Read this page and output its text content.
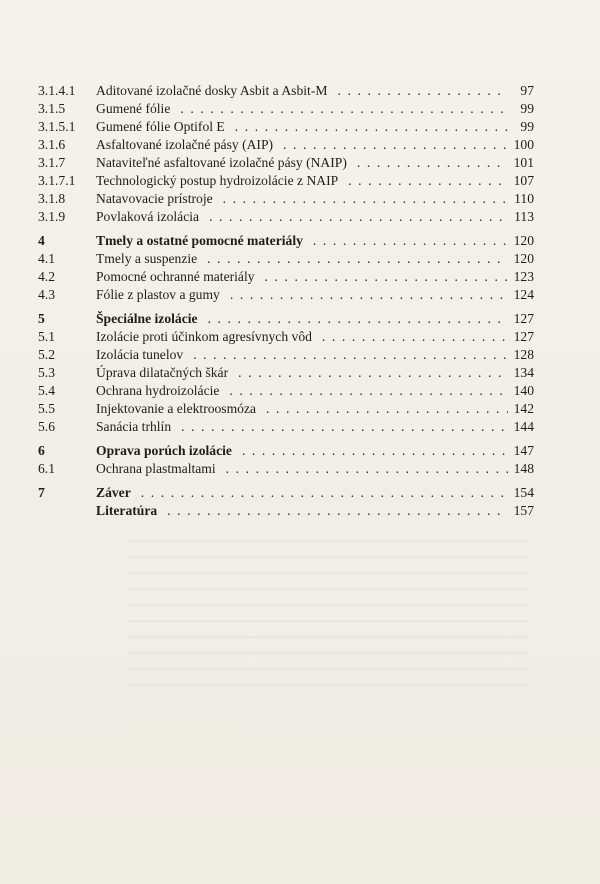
3.1.4.1 Aditované izolačné dosky Asbit a Asbit-M . .	97
3.1.5 Gumené fólie . .	99
3.1.5.1 Gumené fólie Optifol E . .	99
3.1.6 Asfaltované izolačné pásy (AIP) . .	100
3.1.7 Nataviteľné asfaltované izolačné pásy (NAIP) . .	101
3.1.7.1 Technologický postup hydroizolácie z NAIP . .	107
3.1.8 Natavovacie prístroje . .	110
3.1.9 Povlaková izolácia . .	113
4	Tmely a ostatné pomocné materiály . .	120
4.1	Tmely a suspenzie . .	120
4.2	Pomocné ochranné materiály . .	123
4.3	Fólie z plastov a gumy . .	124
5	Špeciálne izolácie . .	127
5.1	Izolácie proti účinkom agresívnych vôd . .	127
5.2	Izolácia tunelov . .	128
5.3	Úprava dilatačných škár . .	134
5.4	Ochrana hydroizolácie . .	140
5.5	Injektovanie a elektroosmóza . .	142
5.6	Sanácia trhlín . .	144
6	Oprava porúch izolácie . .	147
6.1	Ochrana plastmaltami . .	148
7	Záver . .	154
Literatúra . .	157
